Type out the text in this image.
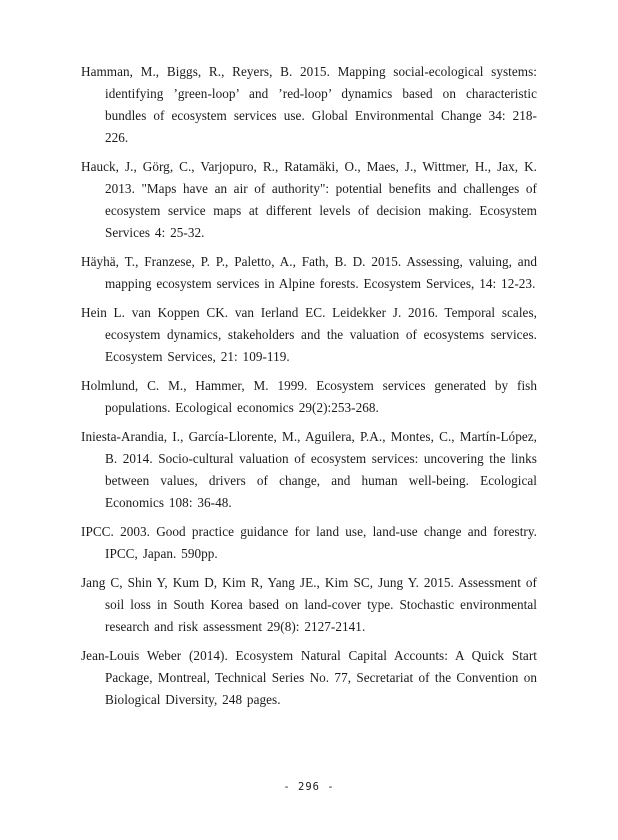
Hamman, M., Biggs, R., Reyers, B. 2015. Mapping social-ecological systems: identifying ’green-loop’ and ’red-loop’ dynamics based on characteristic bundles of ecosystem services use. Global Environmental Change 34: 218-226.

Hauck, J., Görg, C., Varjopuro, R., Ratamäki, O., Maes, J., Wittmer, H., Jax, K. 2013. "Maps have an air of authority": potential benefits and challenges of ecosystem service maps at different levels of decision making. Ecosystem Services 4: 25-32.

Häyhä, T., Franzese, P. P., Paletto, A., Fath, B. D. 2015. Assessing, valuing, and mapping ecosystem services in Alpine forests. Ecosystem Services, 14: 12-23.

Hein L. van Koppen CK. van Ierland EC. Leidekker J. 2016. Temporal scales, ecosystem dynamics, stakeholders and the valuation of ecosystems services. Ecosystem Services, 21: 109-119.

Holmlund, C. M., Hammer, M. 1999. Ecosystem services generated by fish populations. Ecological economics 29(2):253-268.

Iniesta-Arandia, I., García-Llorente, M., Aguilera, P.A., Montes, C., Martín-López, B. 2014. Socio-cultural valuation of ecosystem services: uncovering the links between values, drivers of change, and human well-being. Ecological Economics 108: 36-48.

IPCC. 2003. Good practice guidance for land use, land-use change and forestry. IPCC, Japan. 590pp.

Jang C, Shin Y, Kum D, Kim R, Yang JE., Kim SC, Jung Y. 2015. Assessment of soil loss in South Korea based on land-cover type. Stochastic environmental research and risk assessment 29(8): 2127-2141.

Jean-Louis Weber (2014). Ecosystem Natural Capital Accounts: A Quick Start Package, Montreal, Technical Series No. 77, Secretariat of the Convention on Biological Diversity, 248 pages.

- 296 -
